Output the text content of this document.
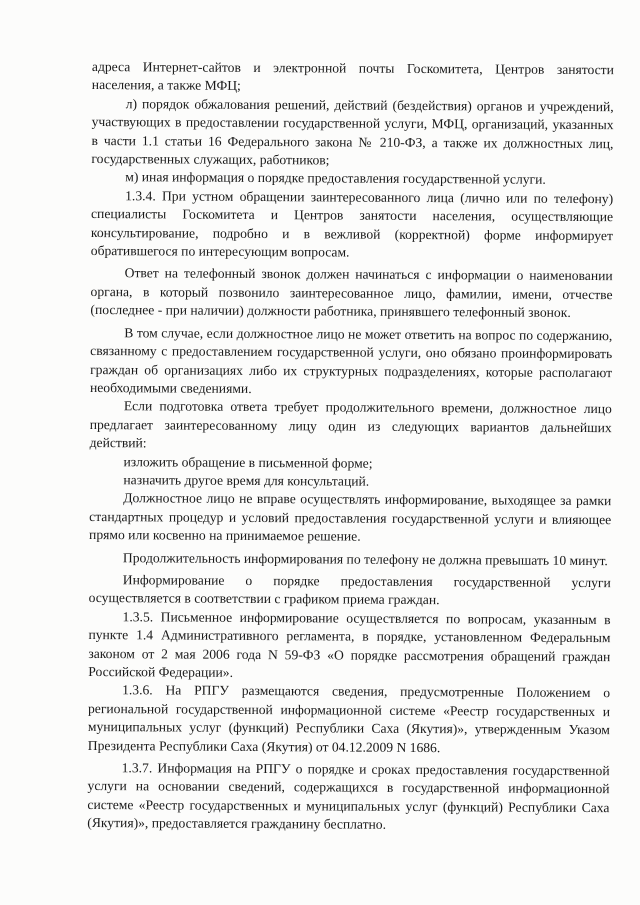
адреса Интернет-сайтов и электронной почты Госкомитета, Центров занятости населения, а также МФЦ;

л) порядок обжалования решений, действий (бездействия) органов и учреждений, участвующих в предоставлении государственной услуги, МФЦ, организаций, указанных в части 1.1 статьи 16 Федерального закона № 210-ФЗ, а также их должностных лиц, государственных служащих, работников;

м) иная информация о порядке предоставления государственной услуги.

1.3.4. При устном обращении заинтересованного лица (лично или по телефону) специалисты Госкомитета и Центров занятости населения, осуществляющие консультирование, подробно и в вежливой (корректной) форме информирует обратившегося по интересующим вопросам.

Ответ на телефонный звонок должен начинаться с информации о наименовании органа, в который позвонило заинтересованное лицо, фамилии, имени, отчестве (последнее - при наличии) должности работника, принявшего телефонный звонок.

В том случае, если должностное лицо не может ответить на вопрос по содержанию, связанному с предоставлением государственной услуги, оно обязано проинформировать граждан об организациях либо их структурных подразделениях, которые располагают необходимыми сведениями.

Если подготовка ответа требует продолжительного времени, должностное лицо предлагает заинтересованному лицу один из следующих вариантов дальнейших действий:

изложить обращение в письменной форме;

назначить другое время для консультаций.

Должностное лицо не вправе осуществлять информирование, выходящее за рамки стандартных процедур и условий предоставления государственной услуги и влияющее прямо или косвенно на принимаемое решение.

Продолжительность информирования по телефону не должна превышать 10 минут.

Информирование о порядке предоставления государственной услуги осуществляется в соответствии с графиком приема граждан.

1.3.5. Письменное информирование осуществляется по вопросам, указанным в пункте 1.4 Административного регламента, в порядке, установленном Федеральным законом от 2 мая 2006 года N 59-ФЗ «О порядке рассмотрения обращений граждан Российской Федерации».

1.3.6. На РПГУ размещаются сведения, предусмотренные Положением о региональной государственной информационной системе «Реестр государственных и муниципальных услуг (функций) Республики Саха (Якутия)», утвержденным Указом Президента Республики Саха (Якутия) от 04.12.2009 N 1686.

1.3.7. Информация на РПГУ о порядке и сроках предоставления государственной услуги на основании сведений, содержащихся в государственной информационной системе «Реестр государственных и муниципальных услуг (функций) Республики Саха (Якутия)», предоставляется гражданину бесплатно.
